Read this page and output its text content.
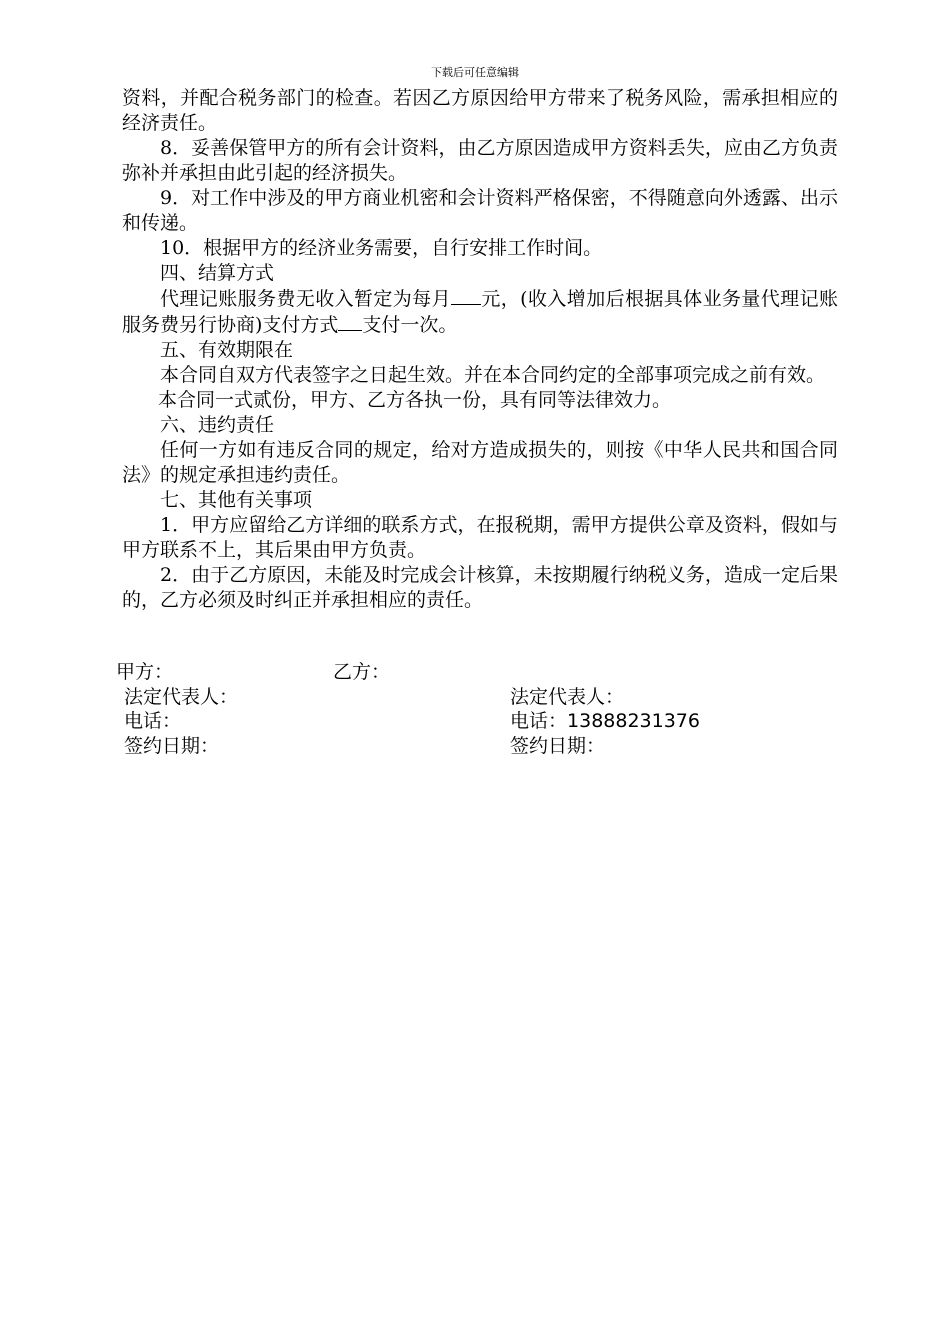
下载后可任意编辑

资料，并配合税务部门的检查。若因乙方原因给甲方带来了税务风险，需承担相应的经济责任。

8．妥善保管甲方的所有会计资料，由乙方原因造成甲方资料丢失，应由乙方负责弥补并承担由此引起的经济损失。

9．对工作中涉及的甲方商业机密和会计资料严格保密，不得随意向外透露、出示和传递。

10．根据甲方的经济业务需要，自行安排工作时间。

四、结算方式

代理记账服务费无收入暂定为每月 元，(收入增加后根据具体业务量代理记账服务费另行协商)支付方式 支付一次。

五、有效期限在

本合同自双方代表签字之日起生效。并在本合同约定的全部事项完成之前有效。

本合同一式贰份，甲方、乙方各执一份，具有同等法律效力。

六、违约责任

任何一方如有违反合同的规定，给对方造成损失的，则按《中华人民共和国合同法》的规定承担违约责任。

七、其他有关事项

1．甲方应留给乙方详细的联系方式，在报税期，需甲方提供公章及资料，假如与甲方联系不上，其后果由甲方负责。

2．由于乙方原因，未能及时完成会计核算，未按期履行纳税义务，造成一定后果的，乙方必须及时纠正并承担相应的责任。

甲方：	乙方：
法定代表人：
电话：
签约日期：
法定代表人：
电话：13888231376
签约日期：
